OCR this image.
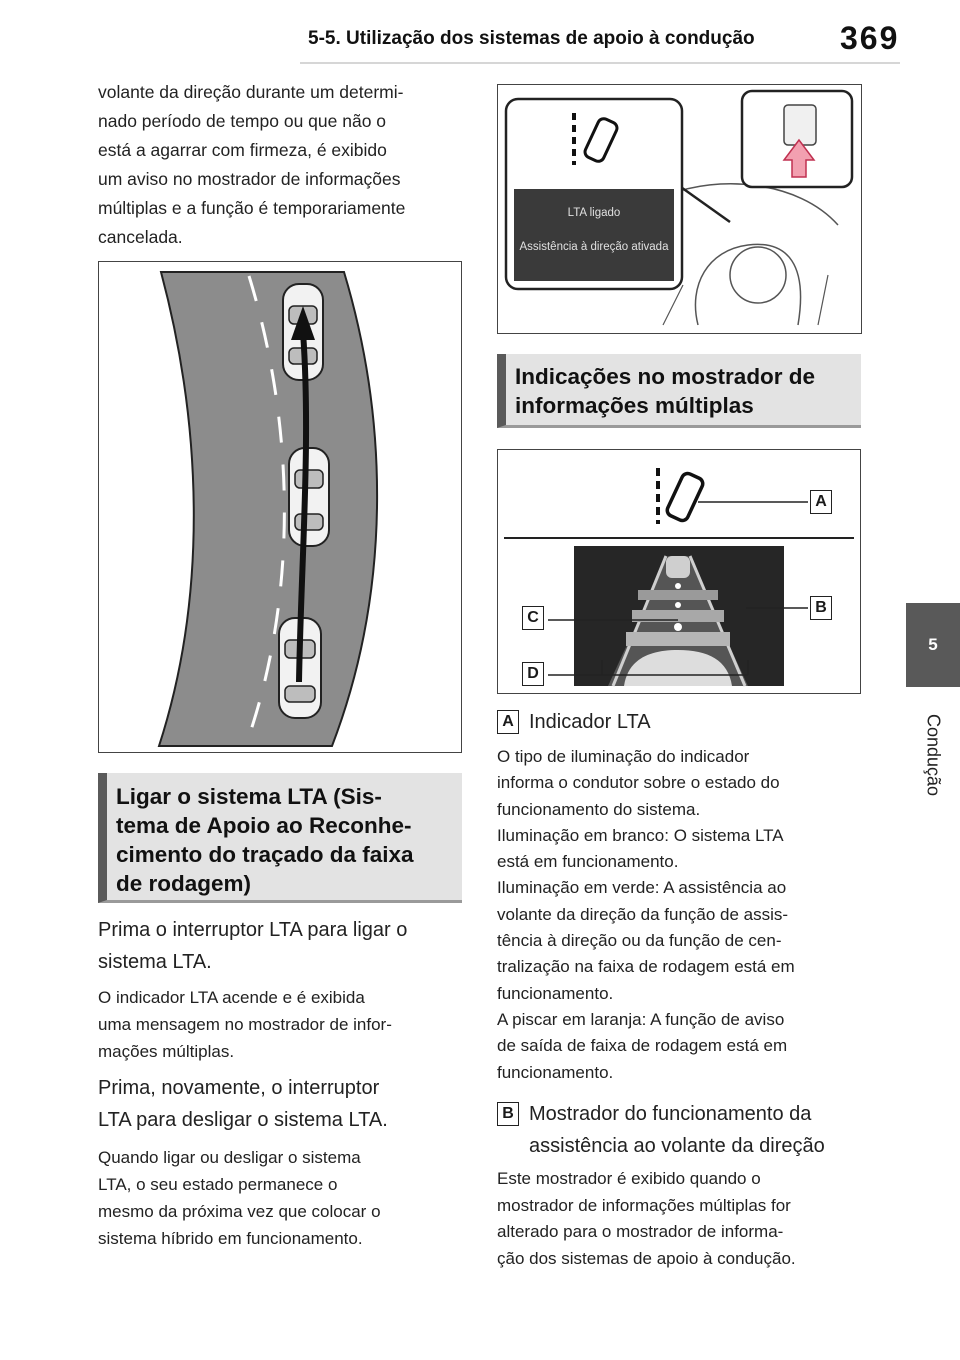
5-5. Utilização dos sistemas de apoio à condução	369
5
Condução
volante da direção durante um determi-
nado período de tempo ou que não o
está a agarrar com firmeza, é exibido
um aviso no mostrador de informações
múltiplas e a função é temporariamente
cancelada.
Ligar o sistema LTA (Sis-
tema de Apoio ao Reconhe-
cimento do traçado da faixa
de rodagem)
Prima o interruptor LTA para ligar o
sistema LTA.
O indicador LTA acende e é exibida
uma mensagem no mostrador de infor-
mações múltiplas.
Prima, novamente, o interruptor
LTA para desligar o sistema LTA.
Quando ligar ou desligar o sistema
LTA, o seu estado permanece o
mesmo da próxima vez que colocar o
sistema híbrido em funcionamento.
LTA ligado
Assistência à direção ativada
Indicações no mostrador de
informações múltiplas
A
B
C
D
A Indicador LTA
O tipo de iluminação do indicador
informa o condutor sobre o estado do
funcionamento do sistema.
Iluminação em branco: O sistema LTA
está em funcionamento.
Iluminação em verde: A assistência ao
volante da direção da função de assis-
tência à direção ou da função de cen-
tralização na faixa de rodagem está em
funcionamento.
A piscar em laranja: A função de aviso
de saída de faixa de rodagem está em
funcionamento.
B Mostrador do funcionamento da
assistência ao volante da direção
Este mostrador é exibido quando o
mostrador de informações múltiplas for
alterado para o mostrador de informa-
ção dos sistemas de apoio à condução.
